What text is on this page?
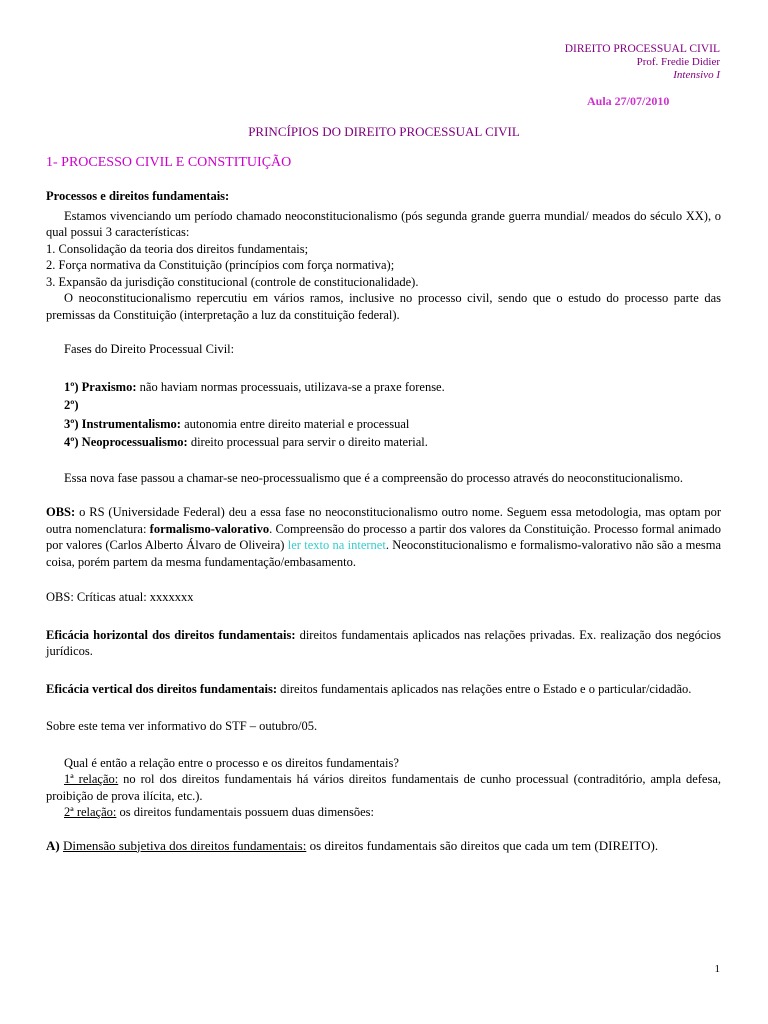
DIREITO PROCESSUAL CIVIL
Prof. Fredie Didier
Intensivo I
Aula 27/07/2010
PRINCÍPIOS DO DIREITO PROCESSUAL CIVIL
1- PROCESSO CIVIL E CONSTITUIÇÃO

Processos e direitos fundamentais:

Estamos vivenciando um período chamado neoconstitucionalismo (pós segunda grande guerra mundial/ meados do século XX), o qual possui 3 características:

1. Consolidação da teoria dos direitos fundamentais;

2. Força normativa da Constituição (princípios com força normativa);

3. Expansão da jurisdição constitucional (controle de constitucionalidade).

O neoconstitucionalismo repercutiu em vários ramos, inclusive no processo civil, sendo que o estudo do processo parte das premissas da Constituição (interpretação a luz da constituição federal).

Fases do Direito Processual Civil:

1º) Praxismo: não haviam normas processuais, utilizava-se a praxe forense.

2º)

3º) Instrumentalismo: autonomia entre direito material e processual

4º) Neoprocessualismo: direito processual para servir o direito material.

Essa nova fase passou a chamar-se neo-processualismo que é a compreensão do processo através do neoconstitucionalismo.

OBS: o RS (Universidade Federal) deu a essa fase no neoconstitucionalismo outro nome. Seguem essa metodologia, mas optam por outra nomenclatura: formalismo-valorativo. Compreensão do processo a partir dos valores da Constituição. Processo formal animado por valores (Carlos Alberto Álvaro de Oliveira) ler texto na internet. Neoconstitucionalismo e formalismo-valorativo não são a mesma coisa, porém partem da mesma fundamentação/embasamento.

OBS: Críticas atual: xxxxxxx

Eficácia horizontal dos direitos fundamentais: direitos fundamentais aplicados nas relações privadas. Ex. realização dos negócios jurídicos.

Eficácia vertical dos direitos fundamentais: direitos fundamentais aplicados nas relações entre o Estado e o particular/cidadão.

Sobre este tema ver informativo do STF – outubro/05.

Qual é então a relação entre o processo e os direitos fundamentais?

1ª relação: no rol dos direitos fundamentais há vários direitos fundamentais de cunho processual (contraditório, ampla defesa, proibição de prova ilícita, etc.).

2ª relação: os direitos fundamentais possuem duas dimensões:

A) Dimensão subjetiva dos direitos fundamentais: os direitos fundamentais são direitos que cada um tem (DIREITO).

1
